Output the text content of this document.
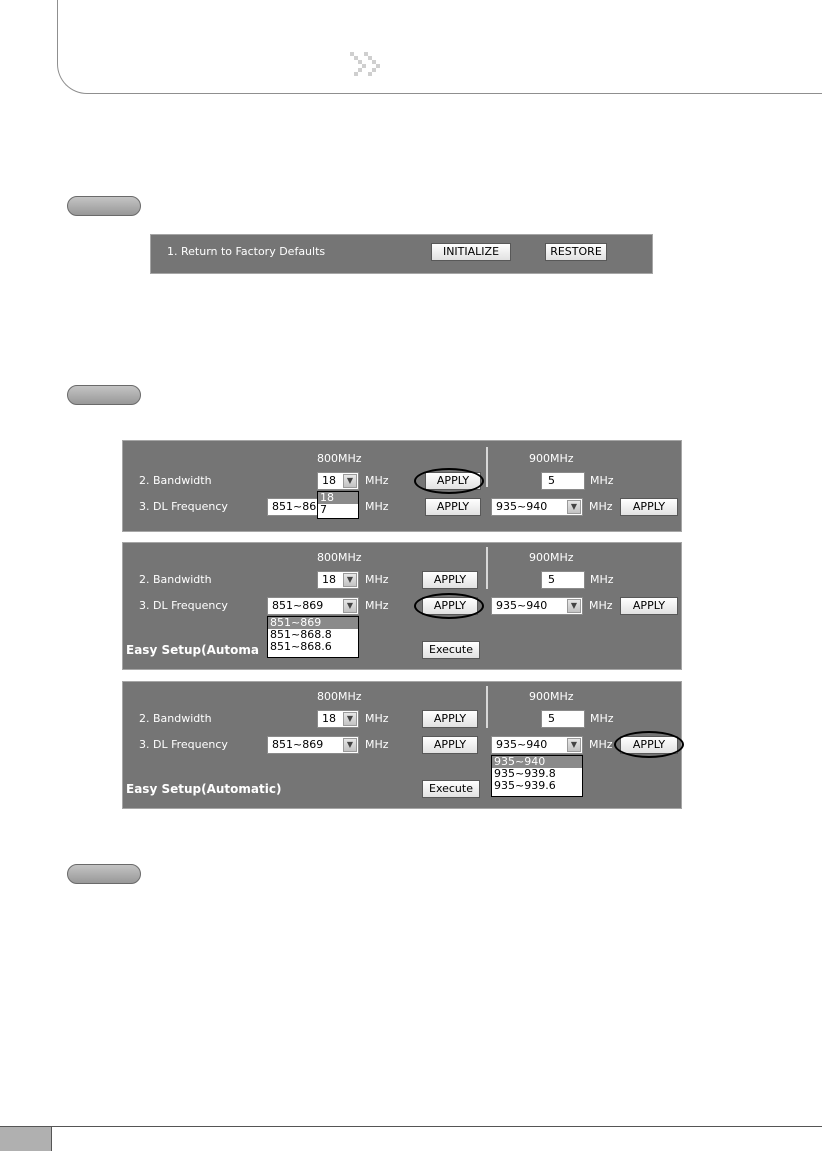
1. Return to Factory Defaults	INITIALIZE	RESTORE
800MHz	900MHz
2. Bandwidth	18	▼	MHz	APPLY	5	MHz
3. DL Frequency	851~86	MHz	APPLY	935~940	▼	MHz	APPLY
18
7
800MHz	900MHz
2. Bandwidth	18	▼	MHz	APPLY	5	MHz
3. DL Frequency	851~869	▼	MHz	APPLY	935~940	▼	MHz	APPLY
Easy Setup(Automa	Execute
851~869
851~868.8
851~868.6
800MHz	900MHz
2. Bandwidth	18	▼	MHz	APPLY	5	MHz
3. DL Frequency	851~869	▼	MHz	APPLY	935~940	▼	MHz	APPLY
Easy Setup(Automatic)	Execute
935~940
935~939.8
935~939.6
